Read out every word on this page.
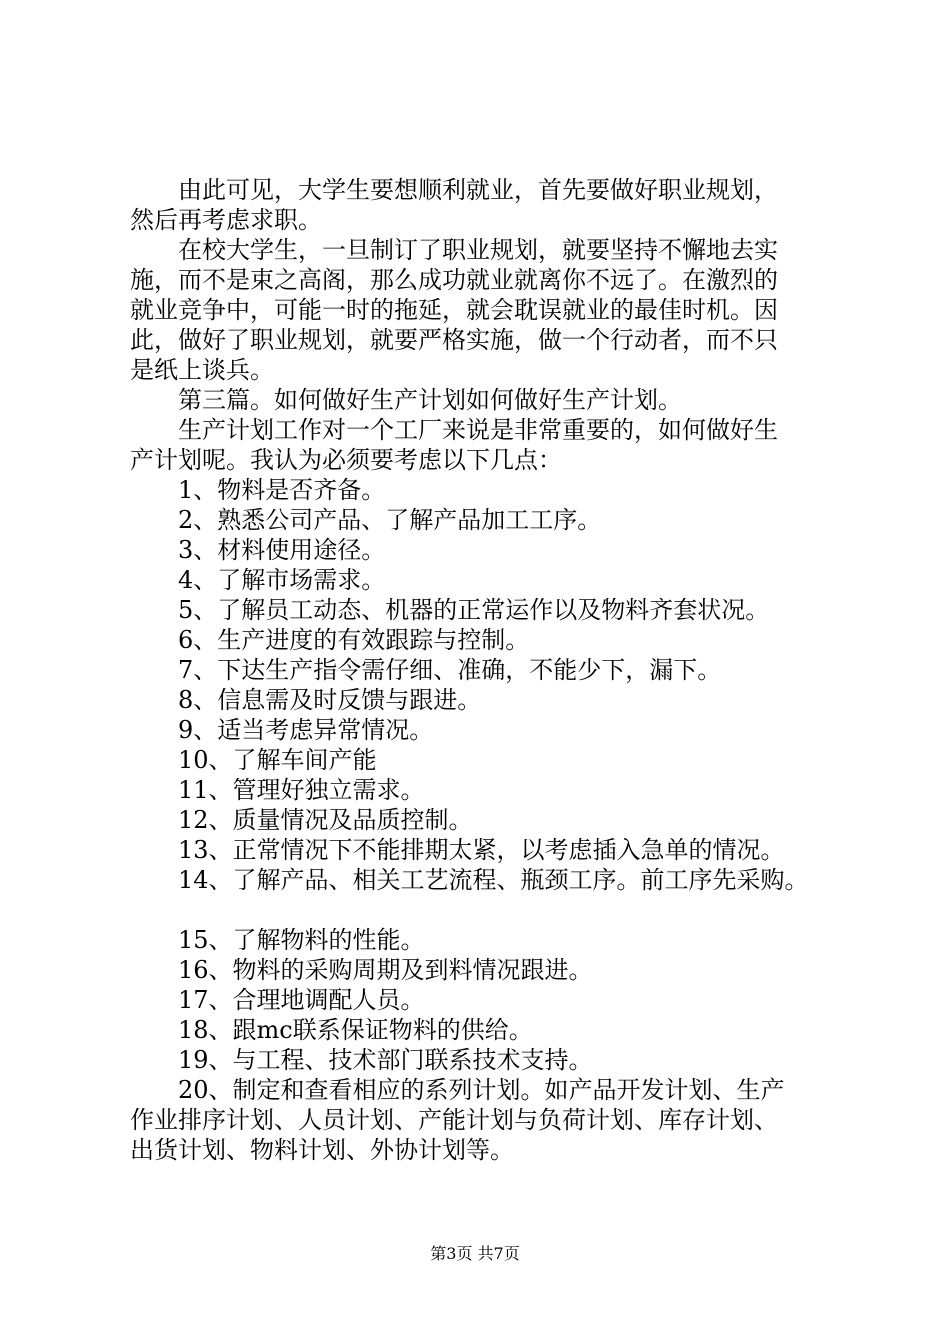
由此可见，大学生要想顺利就业，首先要做好职业规划，
然后再考虑求职。
在校大学生，一旦制订了职业规划，就要坚持不懈地去实
施，而不是束之高阁，那么成功就业就离你不远了。在激烈的
就业竞争中，可能一时的拖延，就会耽误就业的最佳时机。因
此，做好了职业规划，就要严格实施，做一个行动者，而不只
是纸上谈兵。
第三篇。如何做好生产计划如何做好生产计划。
生产计划工作对一个工厂来说是非常重要的，如何做好生
产计划呢。我认为必须要考虑以下几点：
1、物料是否齐备。
2、熟悉公司产品、了解产品加工工序。
3、材料使用途径。
4、了解市场需求。
5、了解员工动态、机器的正常运作以及物料齐套状况。
6、生产进度的有效跟踪与控制。
7、下达生产指令需仔细、准确，不能少下，漏下。
8、信息需及时反馈与跟进。
9、适当考虑异常情况。
10、了解车间产能
11、管理好独立需求。
12、质量情况及品质控制。
13、正常情况下不能排期太紧，以考虑插入急单的情况。
14、了解产品、相关工艺流程、瓶颈工序。前工序先采购。
15、了解物料的性能。
16、物料的采购周期及到料情况跟进。
17、合理地调配人员。
18、跟mc联系保证物料的供给。
19、与工程、技术部门联系技术支持。
20、制定和查看相应的系列计划。如产品开发计划、生产
作业排序计划、人员计划、产能计划与负荷计划、库存计划、
出货计划、物料计划、外协计划等。
第3页 共7页
